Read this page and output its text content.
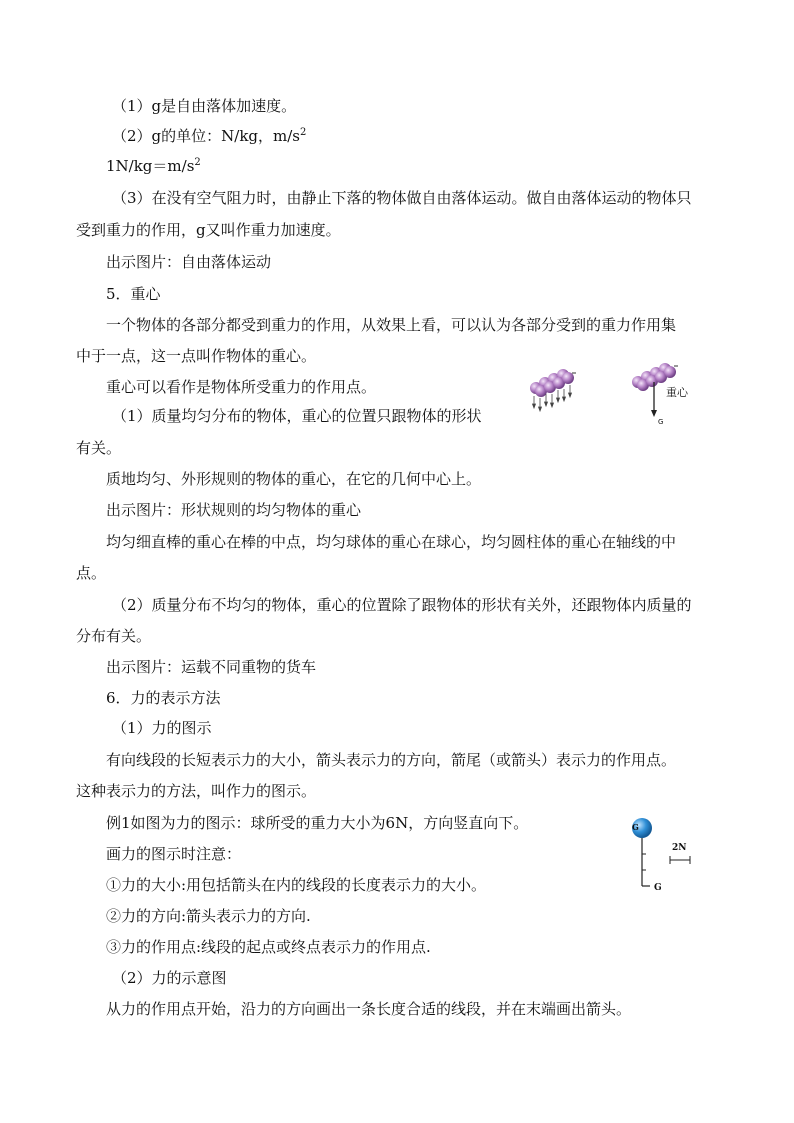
（1）g是自由落体加速度。
（2）g的单位：N/kg，$m/s^2$
$1N/kg=m/s^2$
（3）在没有空气阻力时，由静止下落的物体做自由落体运动。做自由落体运动的物体只
受到重力的作用，g又叫作重力加速度。
出示图片：自由落体运动
5．重心
一个物体的各部分都受到重力的作用，从效果上看，可以认为各部分受到的重力作用集
中于一点，这一点叫作物体的重心。
重心可以看作是物体所受重力的作用点。
（1）质量均匀分布的物体，重心的位置只跟物体的形状
有关。
质地均匀、外形规则的物体的重心，在它的几何中心上。
出示图片：形状规则的均匀物体的重心
均匀细直棒的重心在棒的中点，均匀球体的重心在球心，均匀圆柱体的重心在轴线的中
点。
（2）质量分布不均匀的物体，重心的位置除了跟物体的形状有关外，还跟物体内质量的
分布有关。
出示图片：运载不同重物的货车
6．力的表示方法
（1）力的图示
有向线段的长短表示力的大小，箭头表示力的方向，箭尾（或箭头）表示力的作用点。
这种表示力的方法，叫作力的图示。
例1如图为力的图示：球所受的重力大小为6N，方向竖直向下。
画力的图示时注意：
①力的大小:用包括箭头在内的线段的长度表示力的大小。
②力的方向:箭头表示力的方向.
③力的作用点:线段的起点或终点表示力的作用点.
（2）力的示意图
从力的作用点开始，沿力的方向画出一条长度合适的线段，并在末端画出箭头。
重心
G
G
G
2N
